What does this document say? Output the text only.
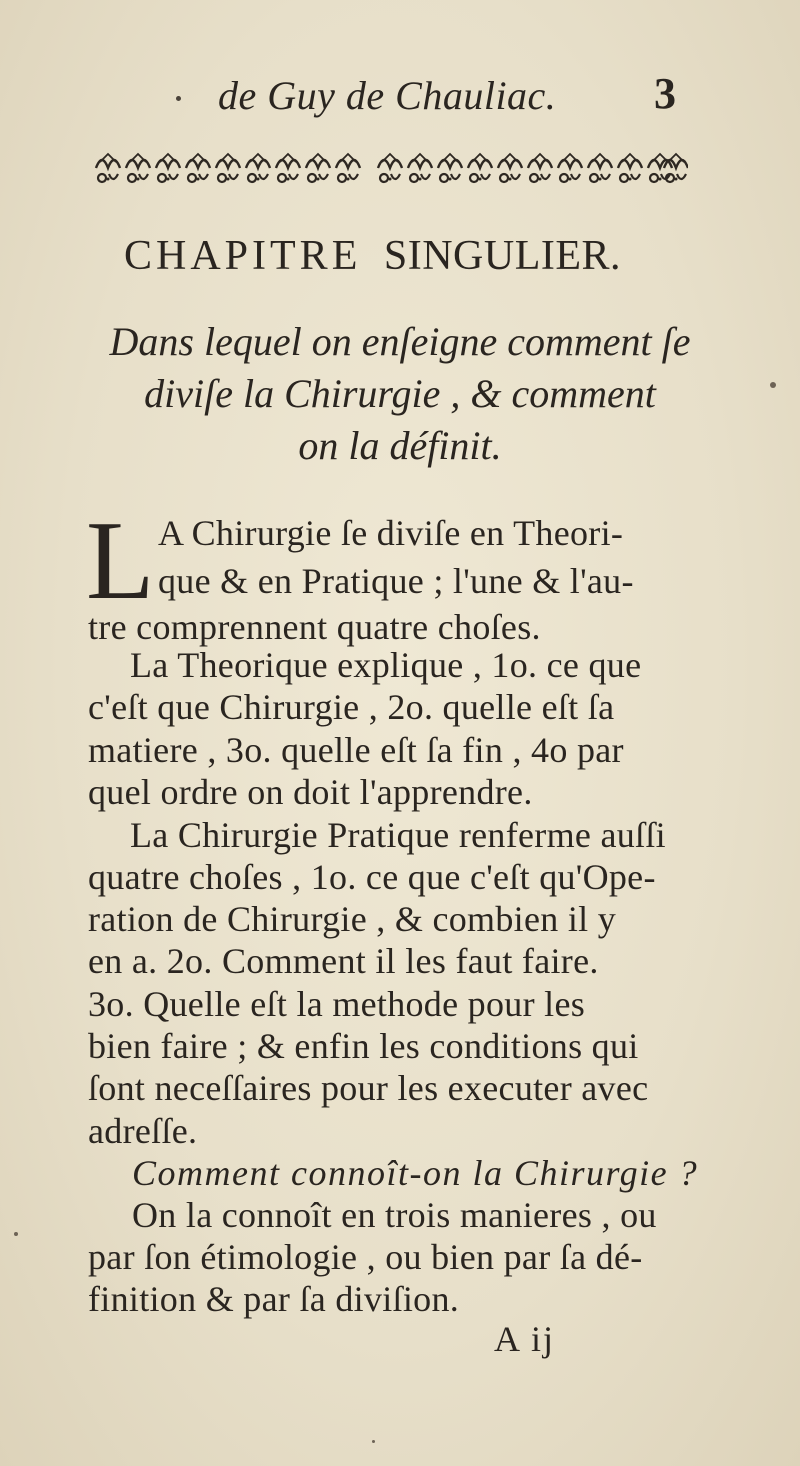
de Guy de Chauliac. 3
CHAPITRE SINGULIER.
Dans lequel on enſeigne comment ſe
diviſe la Chirurgie , & comment
on la définit.
L A Chirurgie ſe diviſe en Theori-
que & en Pratique ; l'une & l'au-
tre comprennent quatre choſes.
La Theorique explique , 1o. ce que
c'eſt que Chirurgie , 2o. quelle eſt ſa
matiere , 3o. quelle eſt ſa fin , 4o par
quel ordre on doit l'apprendre.
La Chirurgie Pratique renferme auſſi
quatre choſes , 1o. ce que c'eſt qu'Ope-
ration de Chirurgie , & combien il y
en a. 2o. Comment il les faut faire.
3o. Quelle eſt la methode pour les
bien faire ; & enfin les conditions qui
ſont neceſſaires pour les executer avec
adreſſe.
Comment connoît-on la Chirurgie ?
On la connoît en trois manieres , ou
par ſon étimologie , ou bien par ſa dé-
finition & par ſa diviſion.
A ij
